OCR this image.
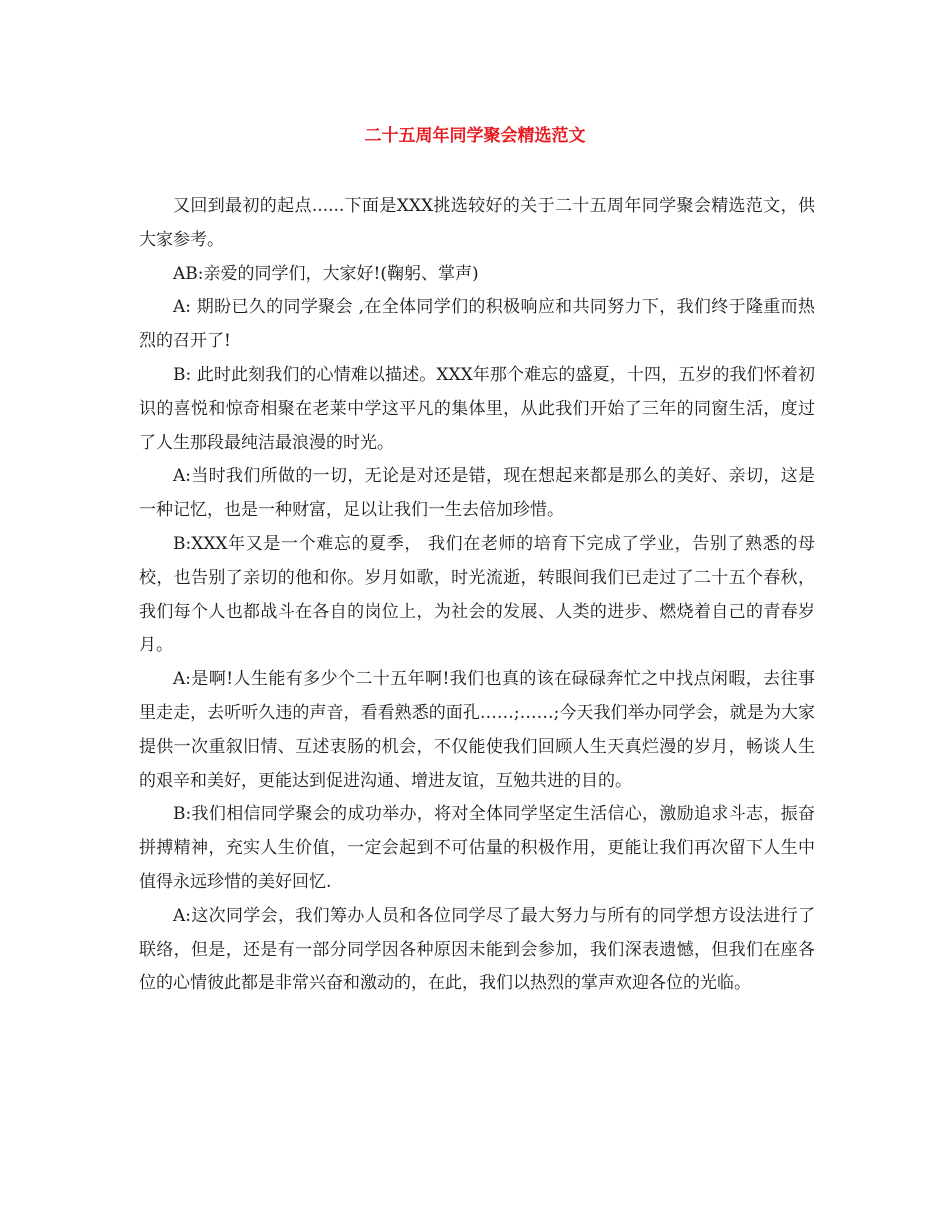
二十五周年同学聚会精选范文

又回到最初的起点......下面是XXX挑选较好的关于二十五周年同学聚会精选范文，供大家参考。

AB:亲爱的同学们，大家好!(鞠躬、掌声)

A: 期盼已久的同学聚会 ,在全体同学们的积极响应和共同努力下，我们终于隆重而热烈的召开了!

B: 此时此刻我们的心情难以描述。XXX年那个难忘的盛夏，十四，五岁的我们怀着初识的喜悦和惊奇相聚在老莱中学这平凡的集体里，从此我们开始了三年的同窗生活，度过了人生那段最纯洁最浪漫的时光。

A:当时我们所做的一切，无论是对还是错，现在想起来都是那么的美好、亲切，这是一种记忆，也是一种财富，足以让我们一生去倍加珍惜。

B:XXX年又是一个难忘的夏季， 我们在老师的培育下完成了学业，告别了熟悉的母校，也告别了亲切的他和你。岁月如歌，时光流逝，转眼间我们已走过了二十五个春秋，我们每个人也都战斗在各自的岗位上，为社会的发展、人类的进步、燃烧着自己的青春岁月。

A:是啊!人生能有多少个二十五年啊!我们也真的该在碌碌奔忙之中找点闲暇，去往事里走走，去听听久违的声音，看看熟悉的面孔……;……;今天我们举办同学会，就是为大家提供一次重叙旧情、互述衷肠的机会，不仅能使我们回顾人生天真烂漫的岁月，畅谈人生的艰辛和美好，更能达到促进沟通、增进友谊，互勉共进的目的。

B:我们相信同学聚会的成功举办，将对全体同学坚定生活信心，激励追求斗志，振奋拼搏精神，充实人生价值，一定会起到不可估量的积极作用，更能让我们再次留下人生中值得永远珍惜的美好回忆.

A:这次同学会，我们筹办人员和各位同学尽了最大努力与所有的同学想方设法进行了联络，但是，还是有一部分同学因各种原因未能到会参加，我们深表遗憾，但我们在座各位的心情彼此都是非常兴奋和激动的，在此，我们以热烈的掌声欢迎各位的光临。
